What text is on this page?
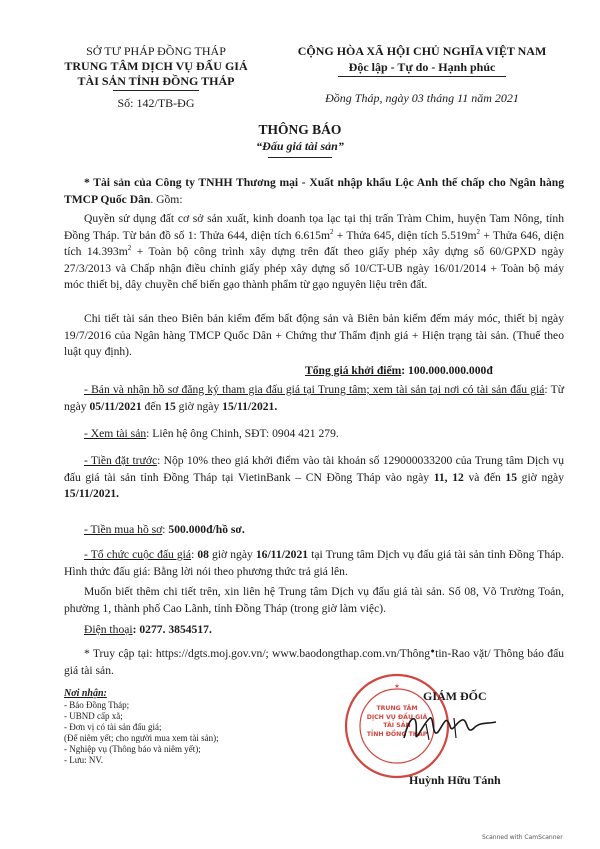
SỞ TƯ PHÁP ĐỒNG THÁP
TRUNG TÂM DỊCH VỤ ĐẤU GIÁ
TÀI SẢN TỈNH ĐỒNG THÁP
Số: 142/TB-ĐG
CỘNG HÒA XÃ HỘI CHỦ NGHĨA VIỆT NAM
Độc lập - Tự do - Hạnh phúc
Đồng Tháp, ngày 03 tháng 11 năm 2021
THÔNG BÁO
“Đấu giá tài sản”
* Tài sản của Công ty TNHH Thương mại - Xuất nhập khẩu Lộc Anh thế chấp cho Ngân hàng TMCP Quốc Dân. Gồm:
Quyền sử dụng đất cơ sở sản xuất, kinh doanh tọa lạc tại thị trấn Tràm Chim, huyện Tam Nông, tỉnh Đồng Tháp. Từ bản đồ số 1: Thửa 644, diện tích $6.615m^2$ + Thửa 645, diện tích $5.519m^2$ + Thửa 646, diện tích $14.393m^2$ + Toàn bộ công trình xây dựng trên đất theo giấy phép xây dựng số 60/GPXD ngày 27/3/2013 và Chấp nhận điều chỉnh giấy phép xây dựng số 10/CT-UB ngày 16/01/2014 + Toàn bộ máy móc thiết bị, dây chuyền chế biến gạo thành phẩm từ gạo nguyên liệu trên đất.
Chi tiết tài sản theo Biên bản kiểm đếm bất động sản và Biên bản kiểm đếm máy móc, thiết bị ngày 19/7/2016 của Ngân hàng TMCP Quốc Dân + Chứng thư Thẩm định giá + Hiện trạng tài sản. (Thuế theo luật quy định).
Tổng giá khởi điểm: 100.000.000.000đ
- Bán và nhận hồ sơ đăng ký tham gia đấu giá tại Trung tâm; xem tài sản tại nơi có tài sản đấu giá: Từ ngày 05/11/2021 đến 15 giờ ngày 15/11/2021.
- Xem tài sản: Liên hệ ông Chinh, SĐT: 0904 421 279.
- Tiền đặt trước: Nộp 10% theo giá khởi điểm vào tài khoản số 129000033200 của Trung tâm Dịch vụ đấu giá tài sản tỉnh Đồng Tháp tại VietinBank – CN Đồng Tháp vào ngày 11, 12 và đến 15 giờ ngày 15/11/2021.
- Tiền mua hồ sơ: 500.000đ/hồ sơ.
- Tổ chức cuộc đấu giá: 08 giờ ngày 16/11/2021 tại Trung tâm Dịch vụ đấu giá tài sản tỉnh Đồng Tháp. Hình thức đấu giá: Bằng lời nói theo phương thức trả giá lên.
Muốn biết thêm chi tiết trên, xin liên hệ Trung tâm Dịch vụ đấu giá tài sản. Số 08, Võ Trường Toản, phường 1, thành phố Cao Lãnh, tỉnh Đồng Tháp (trong giờ làm việc).
Điện thoại: 0277. 3854517.
* Truy cập tại: https://dgts.moj.gov.vn/; www.baodongthap.com.vn/Thông●tin-Rao vặt/ Thông báo đấu giá tài sản.
Nơi nhận:
- Báo Đồng Tháp;
- UBND cấp xã;
- Đơn vị có tài sản đấu giá;
(Để niêm yết; cho người mua xem tài sản);
- Nghiệp vụ (Thông báo và niêm yết);
- Lưu: NV.
★
TRUNG TÂM
DỊCH VỤ ĐẤU GIÁ
TÀI SẢN
TỈNH ĐỒNG THÁP
GIÁM ĐỐC
Huỳnh Hữu Tánh
Scanned with CamScanner
